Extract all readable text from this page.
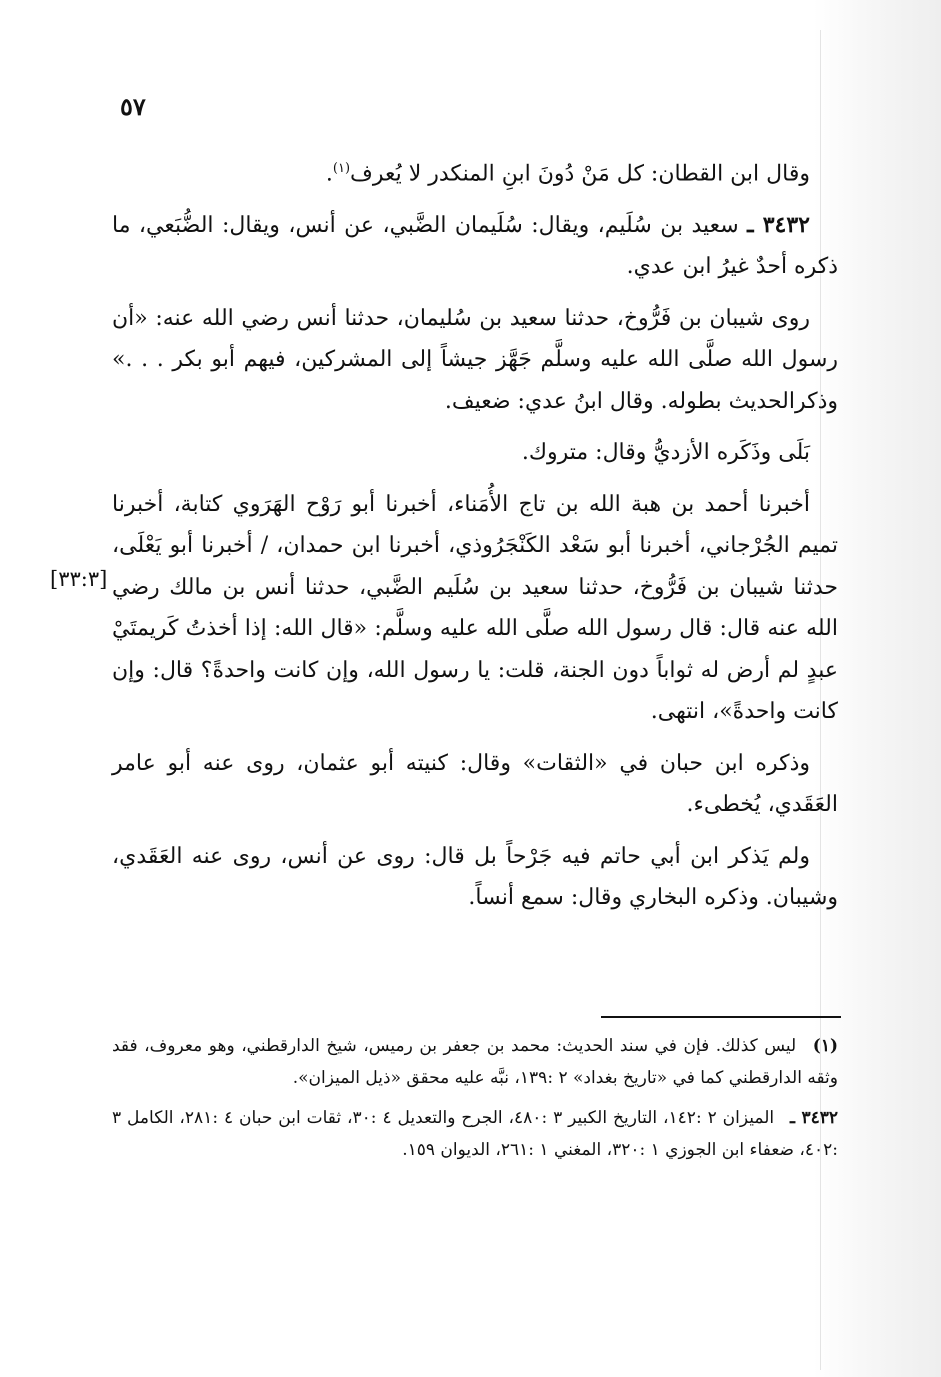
٥٧
[٣٣:٣]

وقال ابن القطان: كل مَنْ دُونَ ابنِ المنكدر لا يُعرف$^{(١)}$.

٣٤٣٢ ـ سعيد بن سُلَيم، ويقال: سُلَيمان الضَّبي، عن أنس، ويقال: الضُّبَعي، ما ذكره أحدٌ غيرُ ابن عدي.

روى شيبان بن فَرُّوخ، حدثنا سعيد بن سُليمان، حدثنا أنس رضي الله عنه: «أن رسول الله صلَّى الله عليه وسلَّم جَهَّز جيشاً إلى المشركين، فيهم أبو بكر . . .» وذكرالحديث بطوله. وقال ابنُ عدي: ضعيف.

بَلَى وذَكَره الأزديُّ وقال: متروك.

أخبرنا أحمد بن هبة الله بن تاج الأُمَناء، أخبرنا أبو رَوْح الهَرَوي كتابة، أخبرنا تميم الجُرْجاني، أخبرنا أبو سَعْد الكَنْجَرُوذي، أخبرنا ابن حمدان، / أخبرنا أبو يَعْلَى، حدثنا شيبان بن فَرُّوخ، حدثنا سعيد بن سُلَيم الضَّبي، حدثنا أنس بن مالك رضي الله عنه قال: قال رسول الله صلَّى الله عليه وسلَّم: «قال الله: إذا أخذتُ كَريمتَيْ عبدٍ لم أرض له ثواباً دون الجنة، قلت: يا رسول الله، وإن كانت واحدةً؟ قال: وإن كانت واحدةً»، انتهى.

وذكره ابن حبان في «الثقات» وقال: كنيته أبو عثمان، روى عنه أبو عامر العَقَدي، يُخطىء.

ولم يَذكر ابن أبي حاتم فيه جَرْحاً بل قال: روى عن أنس، روى عنه العَقَدي، وشيبان. وذكره البخاري وقال: سمع أنساً.

(١) ليس كذلك. فإن في سند الحديث: محمد بن جعفر بن رميس، شيخ الدارقطني، وهو معروف، فقد وثقه الدارقطني كما في «تاريخ بغداد» ٢ :١٣٩، نبَّه عليه محقق «ذيل الميزان».

٣٤٣٢ ـ الميزان ٢ :١٤٢، التاريخ الكبير ٣ :٤٨٠، الجرح والتعديل ٤ :٣٠، ثقات ابن حبان ٤ :٢٨١، الكامل ٣ :٤٠٢، ضعفاء ابن الجوزي ١ :٣٢٠، المغني ١ :٢٦١، الديوان ١٥٩.
